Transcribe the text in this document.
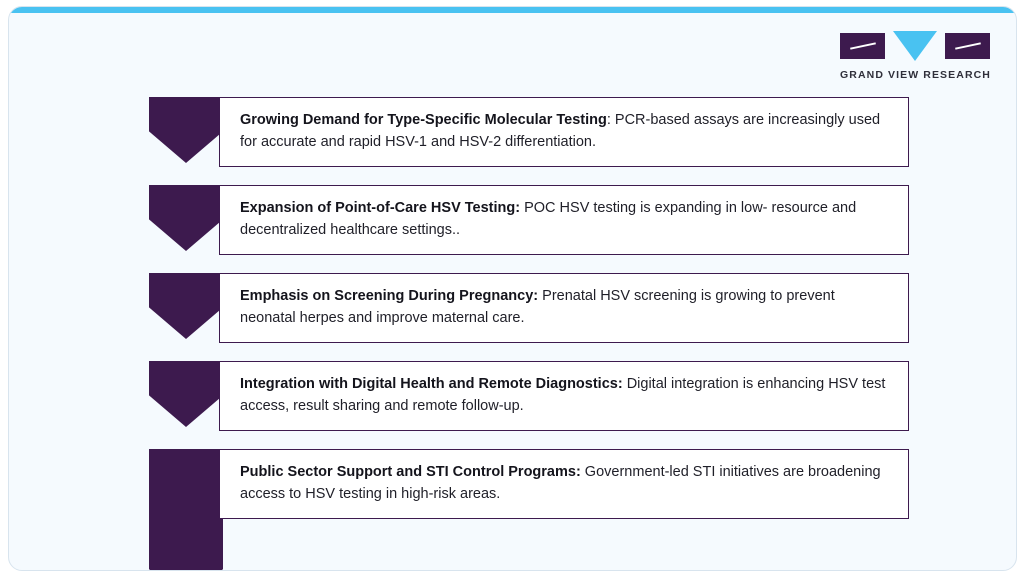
GRAND VIEW RESEARCH

Growing Demand for Type-Specific Molecular Testing: PCR-based assays are increasingly used for accurate and rapid HSV-1 and HSV-2 differentiation.

Expansion of Point-of-Care HSV Testing: POC HSV testing is expanding in low- resource and decentralized healthcare settings..

Emphasis on Screening During Pregnancy: Prenatal HSV screening is growing to prevent neonatal herpes and improve maternal care.

Integration with Digital Health and Remote Diagnostics: Digital integration is enhancing HSV test access, result sharing and remote follow-up.

Public Sector Support and STI Control Programs: Government-led STI initiatives are broadening access to HSV testing in high-risk areas.
